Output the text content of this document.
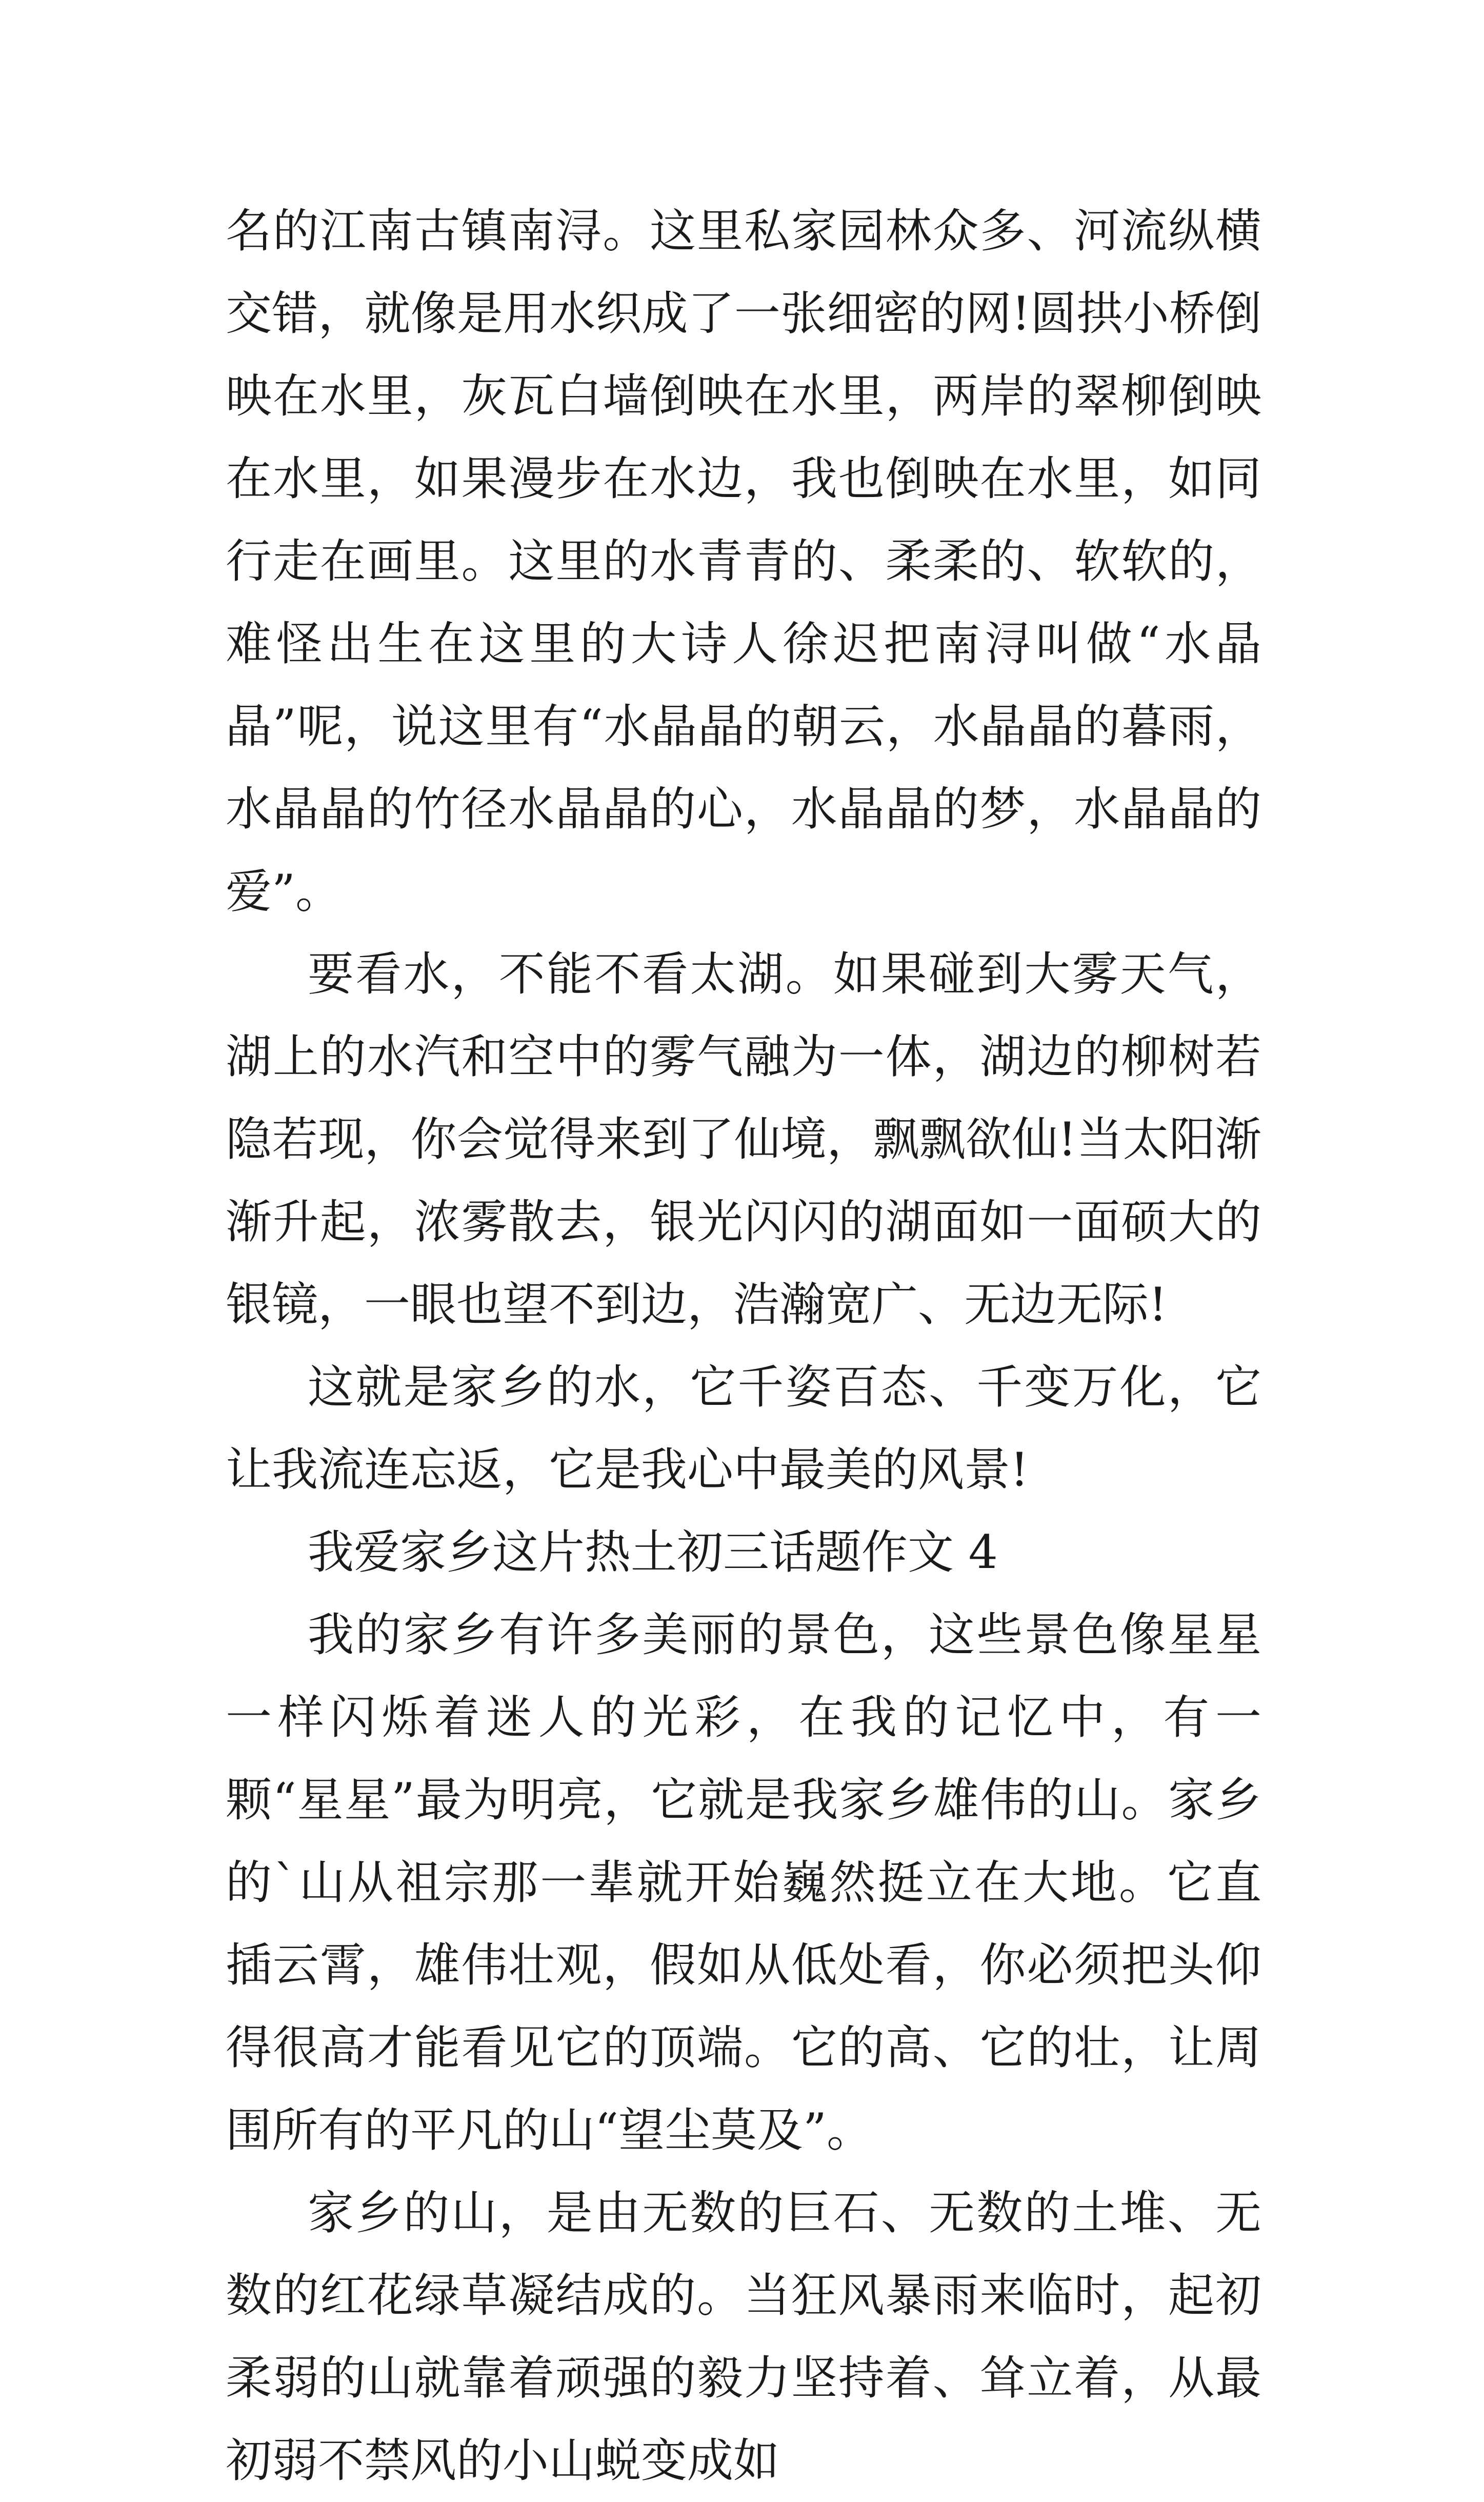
名的江南古镇南浔。这里私家园林众多、河流纵横交错，就像是用水织成了一张细密的网!圆拱小桥倒映在水里，灰瓦白墙倒映在水里，两岸的翠柳倒映在水里，如果漫步在水边，我也倒映在水里，如同行走在画里。这里的水青青的、柔柔的、软软的，难怪出生在这里的大诗人徐迟把南浔叫做“水晶晶”呢，说这里有“水晶晶的朝云，水晶晶的暮雨，水晶晶的竹径水晶晶的心，水晶晶的梦，水晶晶的爱”。

要看水，不能不看太湖。如果碰到大雾天气，湖上的水汽和空中的雾气融为一体，湖边的柳树若隐若现，你会觉得来到了仙境，飘飘欲仙!当太阳渐渐升起，浓雾散去，银光闪闪的湖面如一面硕大的银镜，一眼也望不到边，浩瀚宽广、无边无际!

这就是家乡的水，它千姿百态、千变万化，它让我流连忘返，它是我心中最美的风景!

我爱家乡这片热土初三话题作文 4

我的家乡有许多美丽的景色，这些景色像星星一样闪烁着迷人的光彩，在我的记忆中，有一颗“星星”最为明亮，它就是我家乡雄伟的山。家乡的`山从祖宗那一辈就开始巍然挺立在大地。它直插云霄，雄伟壮观，假如从低处看，你必须把头仰得很高才能看见它的顶端。它的高、它的壮，让周围所有的平凡的山“望尘莫及”。

家乡的山，是由无数的巨石、无数的土堆、无数的红花绿草凝结成的。当狂风暴雨来临时，起初柔弱的山就靠着顽强的毅力坚持着、耸立着，从最初弱不禁风的小山蜕变成如
